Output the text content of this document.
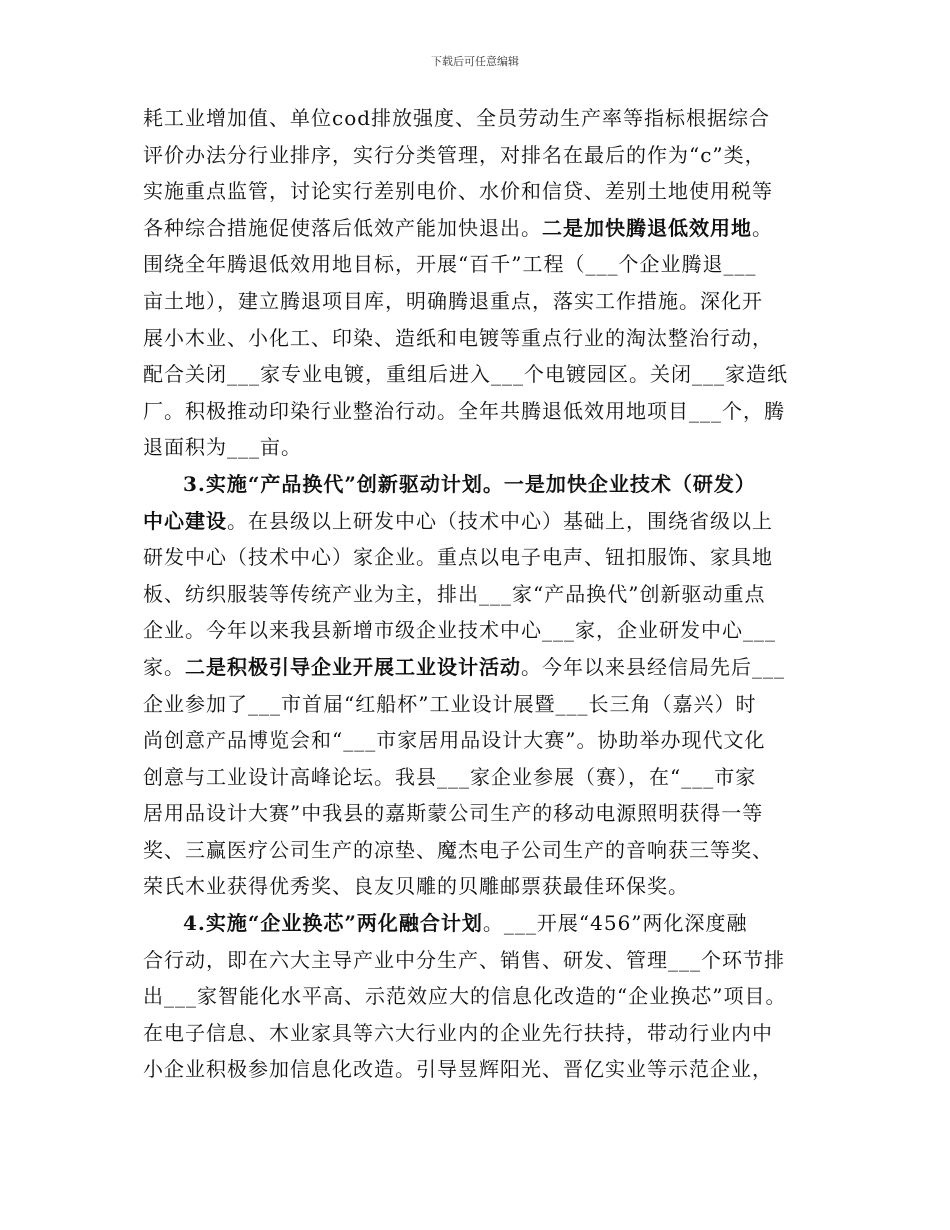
下载后可任意编辑
耗工业增加值、单位cod排放强度、全员劳动生产率等指标根据综合
评价办法分行业排序，实行分类管理，对排名在最后的作为“c”类，
实施重点监管，讨论实行差别电价、水价和信贷、差别土地使用税等
各种综合措施促使落后低效产能加快退出。二是加快腾退低效用地。
围绕全年腾退低效用地目标，开展“百千”工程（___个企业腾退___
亩土地），建立腾退项目库，明确腾退重点，落实工作措施。深化开
展小木业、小化工、印染、造纸和电镀等重点行业的淘汰整治行动，
配合关闭___家专业电镀，重组后进入___个电镀园区。关闭___家造纸
厂。积极推动印染行业整治行动。全年共腾退低效用地项目___个，腾
退面积为___亩。
3.实施“产品换代”创新驱动计划。一是加快企业技术（研发）
中心建设。在县级以上研发中心（技术中心）基础上，围绕省级以上
研发中心（技术中心）家企业。重点以电子电声、钮扣服饰、家具地
板、纺织服装等传统产业为主，排出___家“产品换代”创新驱动重点
企业。今年以来我县新增市级企业技术中心___家，企业研发中心___
家。二是积极引导企业开展工业设计活动。今年以来县经信局先后___
企业参加了___市首届“红船杯”工业设计展暨___长三角（嘉兴）时
尚创意产品博览会和“___市家居用品设计大赛”。协助举办现代文化
创意与工业设计高峰论坛。我县___家企业参展（赛），在“___市家
居用品设计大赛”中我县的嘉斯蒙公司生产的移动电源照明获得一等
奖、三赢医疗公司生产的凉垫、魔杰电子公司生产的音响获三等奖、
荣氏木业获得优秀奖、良友贝雕的贝雕邮票获最佳环保奖。
4.实施“企业换芯”两化融合计划。___开展“456”两化深度融
合行动，即在六大主导产业中分生产、销售、研发、管理___个环节排
出___家智能化水平高、示范效应大的信息化改造的“企业换芯”项目。
在电子信息、木业家具等六大行业内的企业先行扶持，带动行业内中
小企业积极参加信息化改造。引导昱辉阳光、晋亿实业等示范企业，
